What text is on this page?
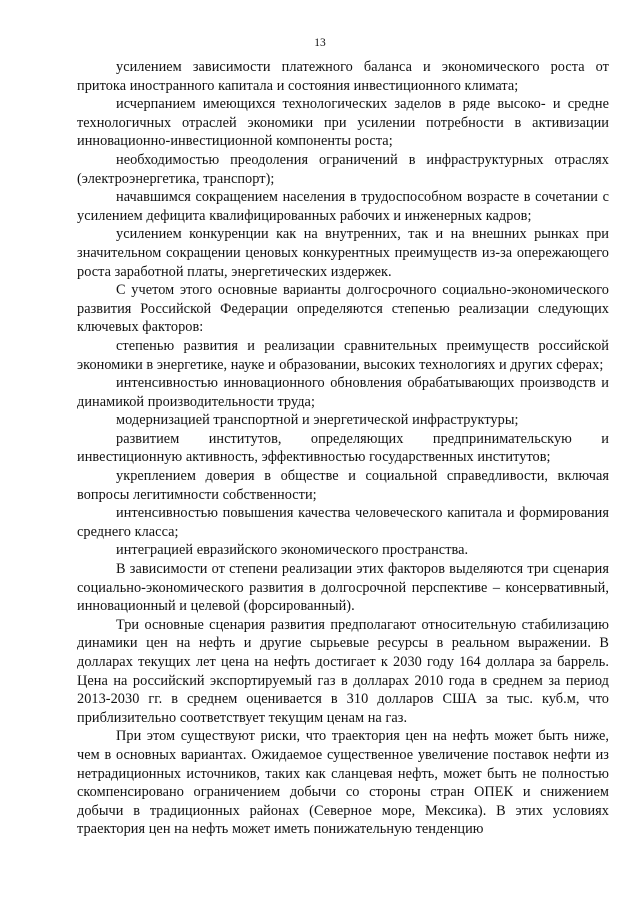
13

усилением зависимости платежного баланса и экономического роста от притока иностранного капитала и состояния инвестиционного климата;

исчерпанием имеющихся технологических заделов в ряде высоко- и средне технологичных отраслей экономики при усилении потребности в активизации инновационно-инвестиционной компоненты роста;

необходимостью преодоления ограничений в инфраструктурных отраслях (электроэнергетика, транспорт);

начавшимся сокращением населения в трудоспособном возрасте в сочетании с усилением дефицита квалифицированных рабочих и инженерных кадров;

усилением конкуренции как на внутренних, так и на внешних рынках при значительном сокращении ценовых конкурентных преимуществ из-за опережающего роста заработной платы, энергетических издержек.

С учетом этого основные варианты долгосрочного социально-экономического развития Российской Федерации определяются степенью реализации следующих ключевых факторов:

степенью развития и реализации сравнительных преимуществ российской экономики в энергетике, науке и образовании, высоких технологиях и других сферах;

интенсивностью инновационного обновления обрабатывающих производств и динамикой производительности труда;

модернизацией транспортной и энергетической инфраструктуры;

развитием институтов, определяющих предпринимательскую и инвестиционную активность, эффективностью государственных институтов;

укреплением доверия в обществе и социальной справедливости, включая вопросы легитимности собственности;

интенсивностью повышения качества человеческого капитала и формирования среднего класса;

интеграцией евразийского экономического пространства.

В зависимости от степени реализации этих факторов выделяются три сценария социально-экономического развития в долгосрочной перспективе – консервативный, инновационный и целевой (форсированный).

Три основные сценария развития предполагают относительную стабилизацию динамики цен на нефть и другие сырьевые ресурсы в реальном выражении. В долларах текущих лет цена на нефть достигает к 2030 году 164 доллара за баррель. Цена на российский экспортируемый газ в долларах 2010 года в среднем за период 2013-2030 гг. в среднем оценивается в 310 долларов США за тыс. куб.м, что приблизительно соответствует текущим ценам на газ.

При этом существуют риски, что траектория цен на нефть может быть ниже, чем в основных вариантах. Ожидаемое существенное увеличение поставок нефти из нетрадиционных источников, таких как сланцевая нефть, может быть не полностью скомпенсировано ограничением добычи со стороны стран ОПЕК и снижением добычи в традиционных районах (Северное море, Мексика). В этих условиях траектория цен на нефть может иметь понижательную тенденцию
